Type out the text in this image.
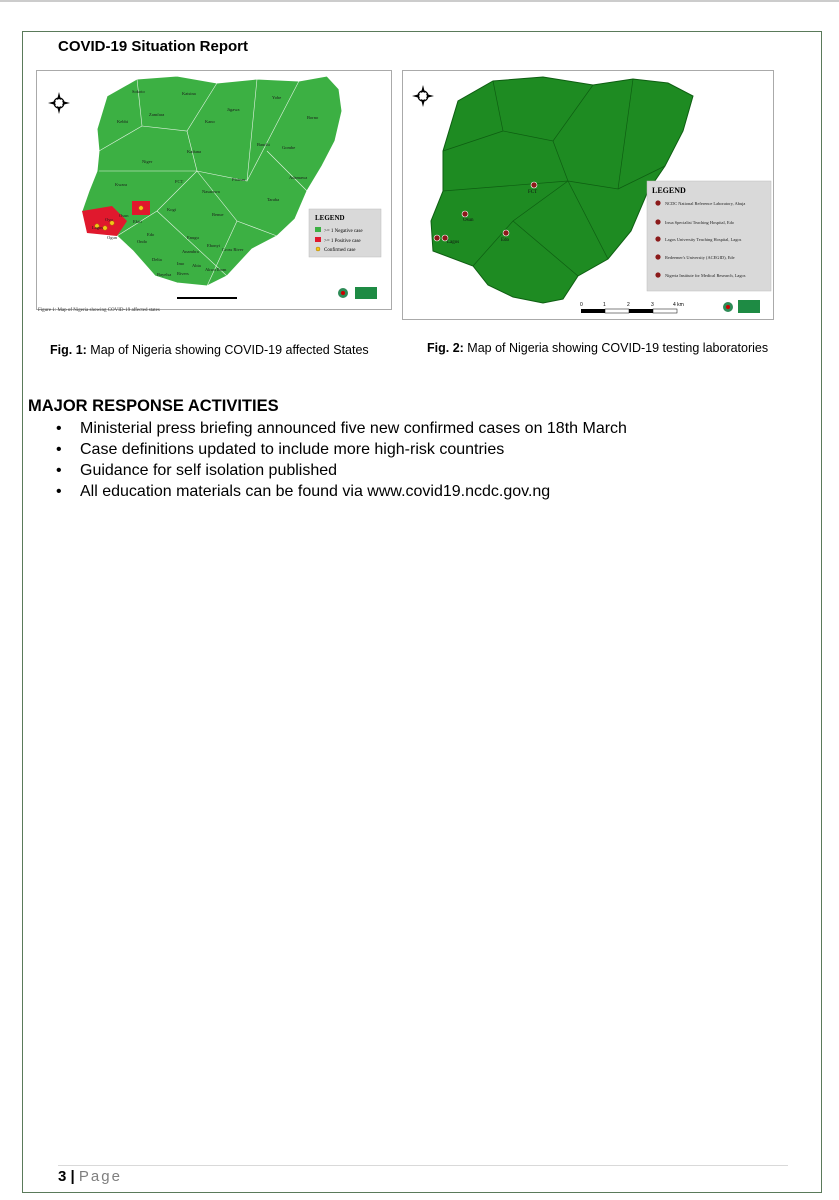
COVID-19 Situation Report
Sokoto	Katsina
Jigawa
Yobe
Borno
Kebbi
Zamfara
Kano
Bauchi
Gombe
Niger
Kaduna
Adamawa
Kwara
FCT
Nasarawa
Plateau
Taraba
Oyo
Osun
Ekiti
Kogi
Benue
Ogun
Ondo
Edo
Enugu
Ebonyi
Cross River
Delta
Anambra
Imo Abia
Rivers
Bayelsa
Akwa Ibom
Lagos
LEGEND
>= 1 Negative case
>= 1 Positive case
Confirmed case
Figure 1: Map of Nigeria showing COVID-19 affected states
Fig. 1: Map of Nigeria showing COVID-19 affected States
FCT
Osun
Edo
Lagos
LEGEND
NCDC National Reference Laboratory, Abuja
Irrua Specialist Teaching Hospital, Edo
Lagos University Teaching Hospital, Lagos
Redeemer's University (ACEGID), Ede
Nigeria Institute for Medical Research, Lagos
0	1	2	3	4 km
Fig. 2: Map of Nigeria showing COVID-19 testing laboratories
MAJOR RESPONSE ACTIVITIES
• Ministerial press briefing announced five new confirmed cases on 18th March
• Case definitions updated to include more high-risk countries
• Guidance for self isolation published
• All education materials can be found via www.covid19.ncdc.gov.ng
3 | Page
